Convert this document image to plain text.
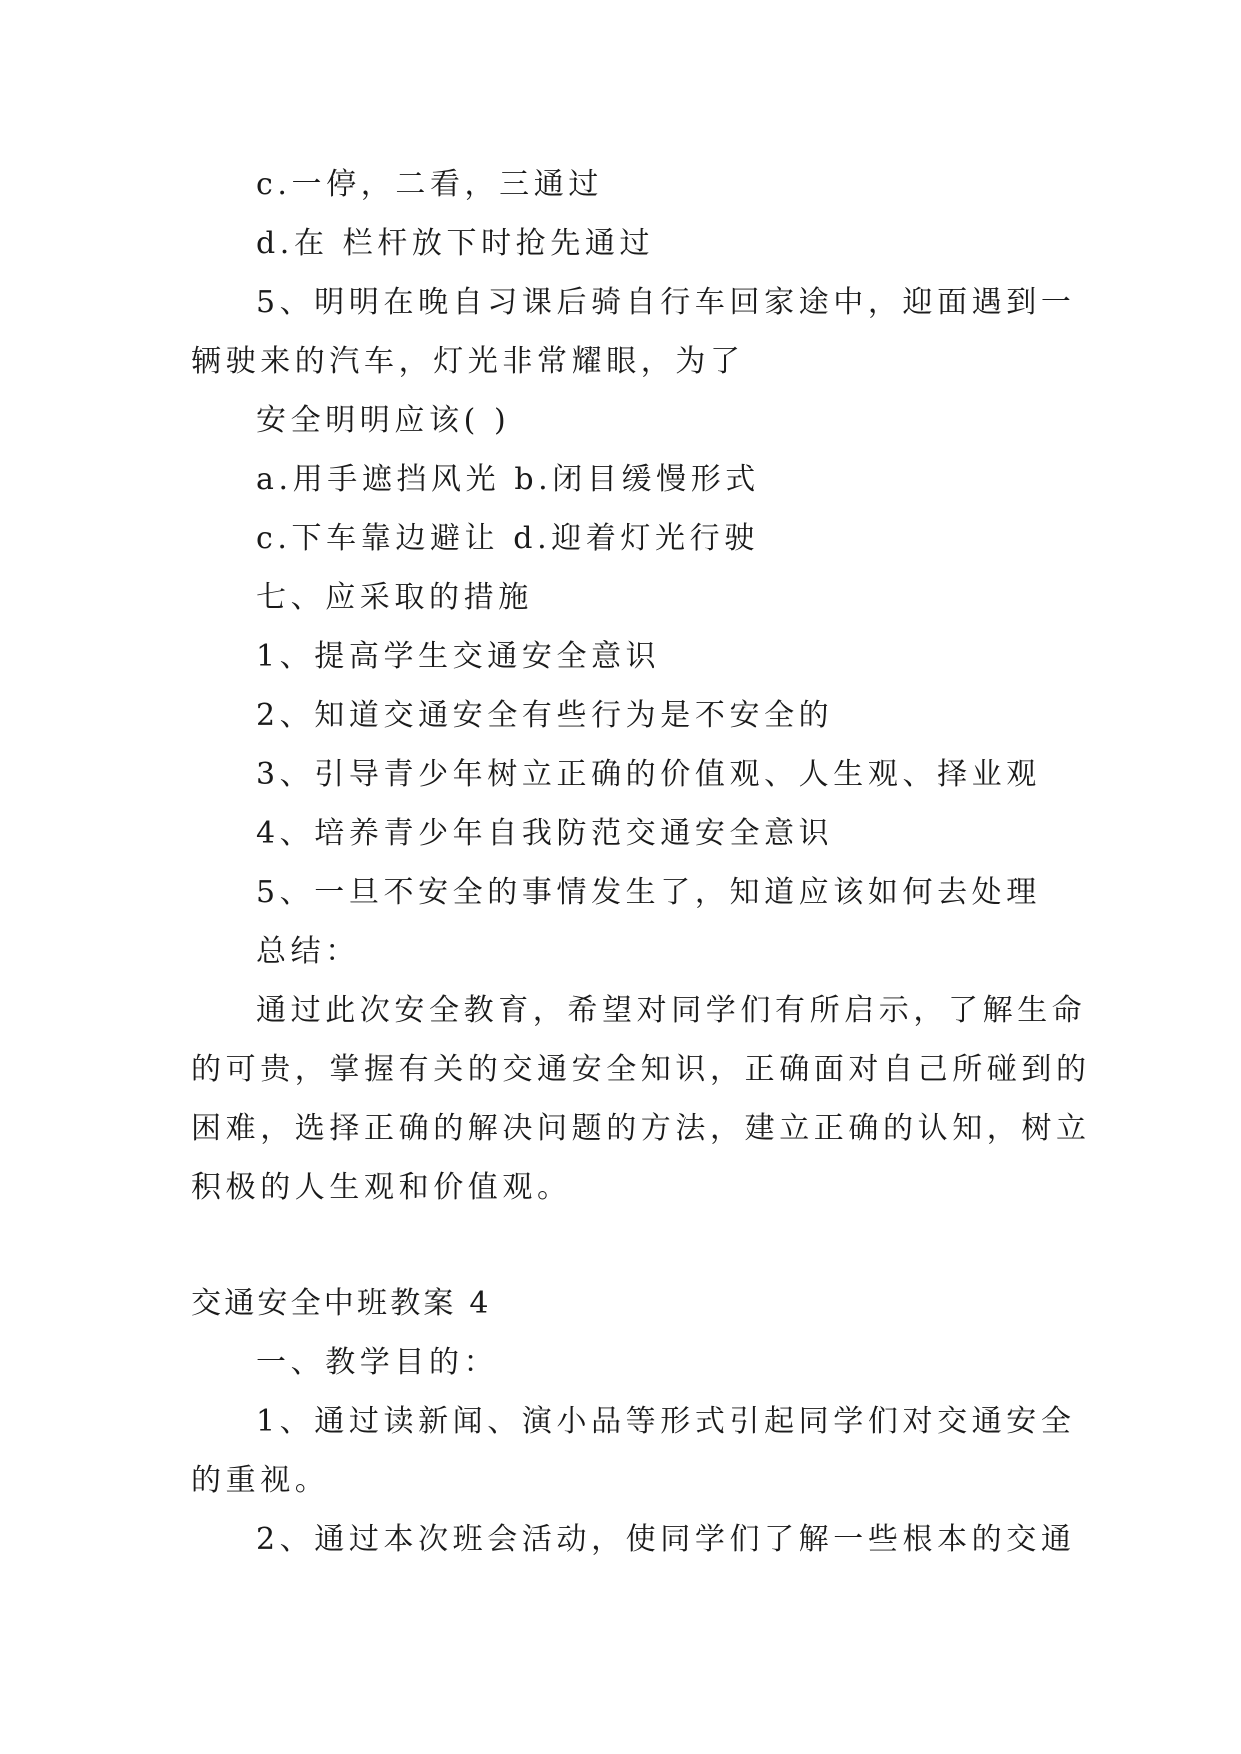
c.一停，二看，三通过
d.在 栏杆放下时抢先通过
5、明明在晚自习课后骑自行车回家途中，迎面遇到一
辆驶来的汽车，灯光非常耀眼，为了
安全明明应该( )
a.用手遮挡风光 b.闭目缓慢形式
c.下车靠边避让 d.迎着灯光行驶
七、应采取的措施
1、提高学生交通安全意识
2、知道交通安全有些行为是不安全的
3、引导青少年树立正确的价值观、人生观、择业观
4、培养青少年自我防范交通安全意识
5、一旦不安全的事情发生了，知道应该如何去处理
总结：
通过此次安全教育，希望对同学们有所启示，了解生命
的可贵，掌握有关的交通安全知识，正确面对自己所碰到的
困难，选择正确的解决问题的方法，建立正确的认知，树立
积极的人生观和价值观。
交通安全中班教案 4
一、教学目的：
1、通过读新闻、演小品等形式引起同学们对交通安全
的重视。
2、通过本次班会活动，使同学们了解一些根本的交通
